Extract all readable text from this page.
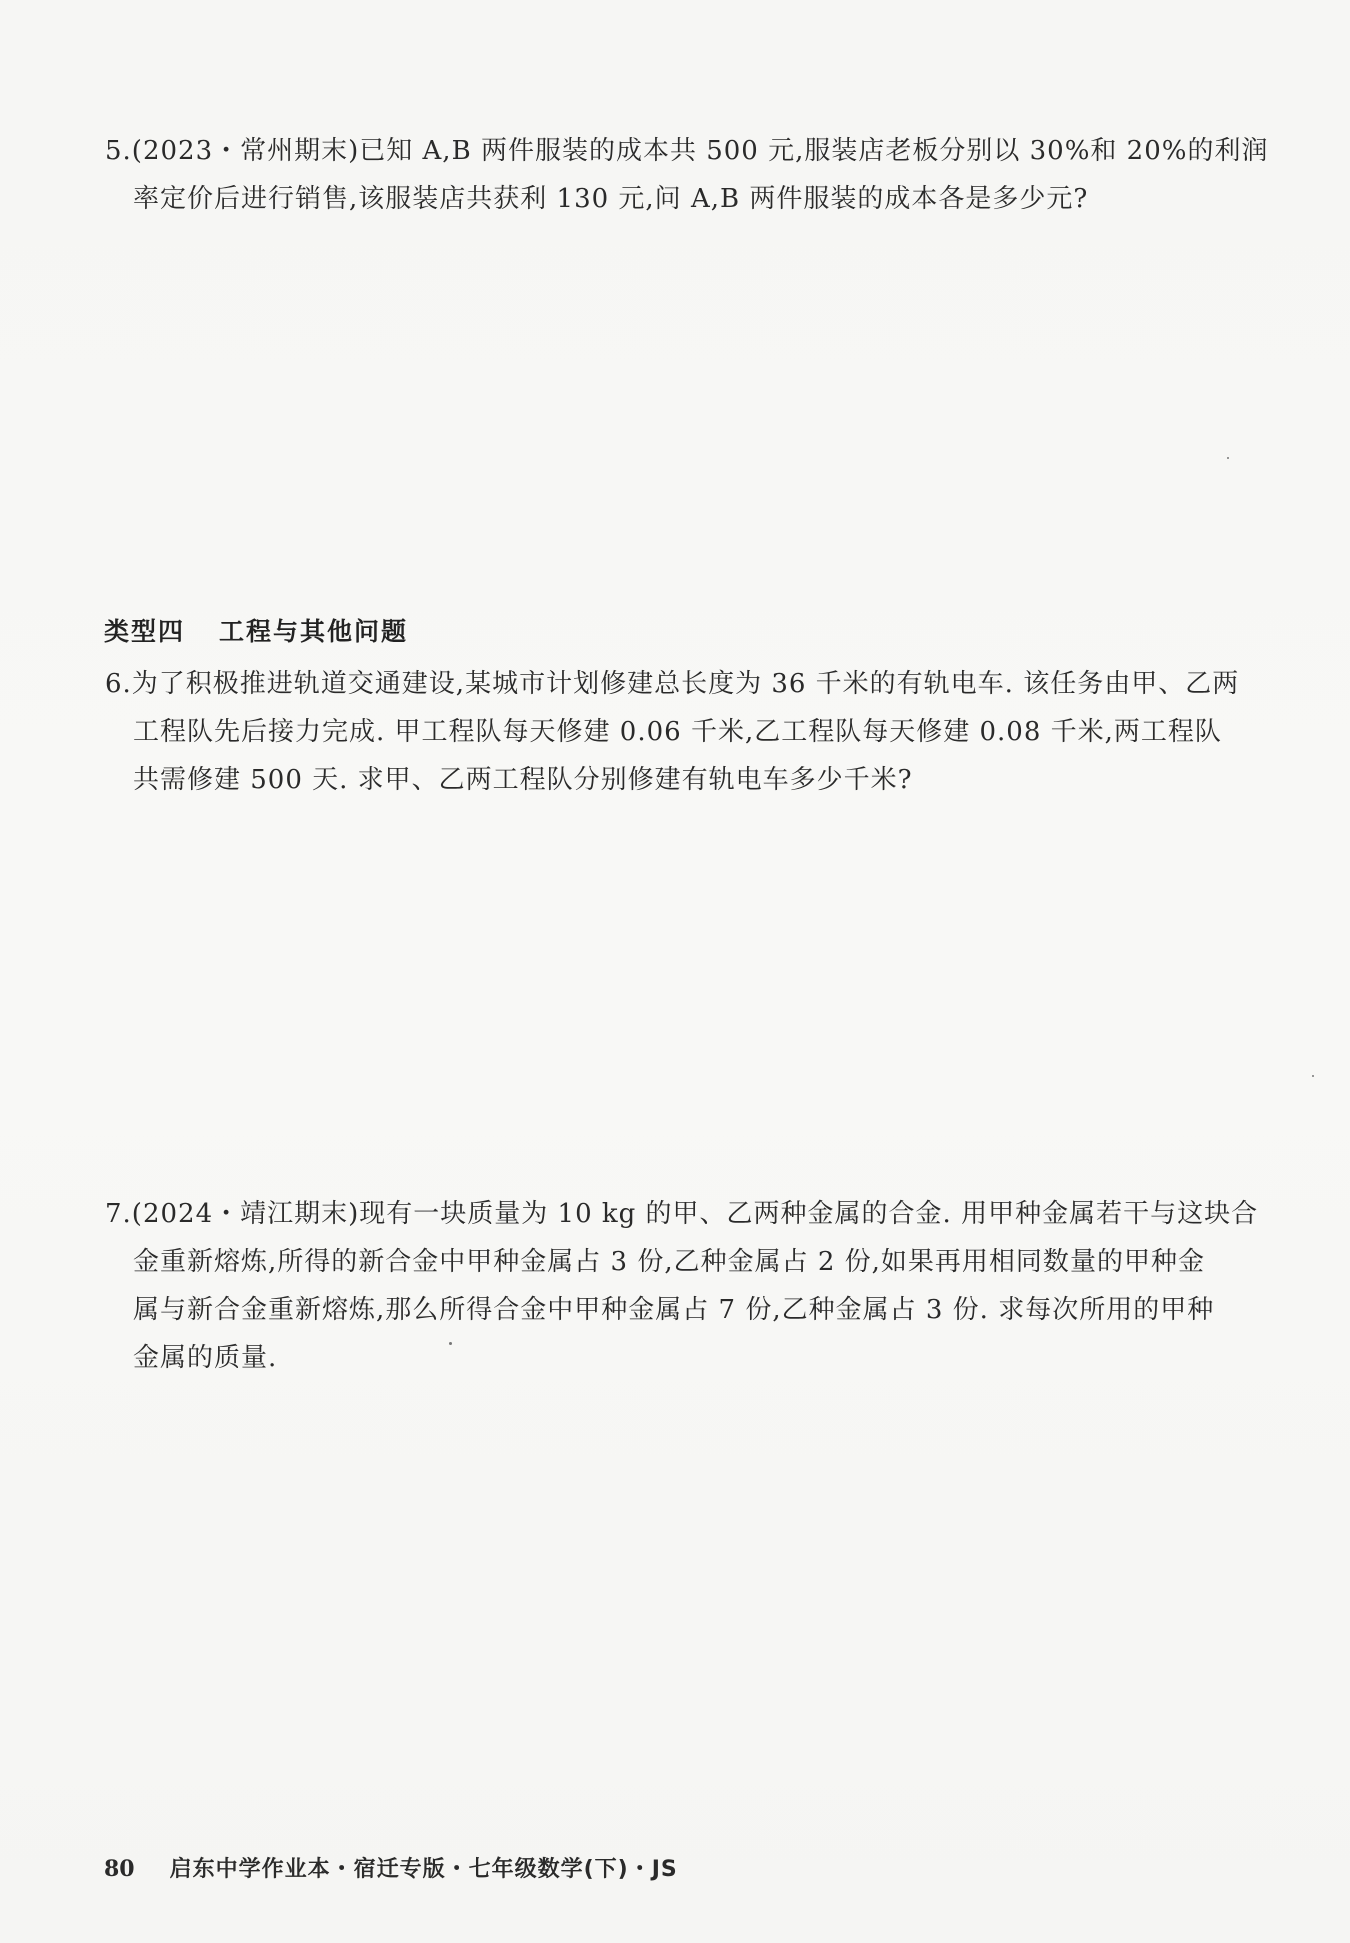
5.(2023・常州期末)已知 A,B 两件服装的成本共 500 元,服装店老板分别以 30%和 20%的利润
率定价后进行销售,该服装店共获利 130 元,问 A,B 两件服装的成本各是多少元?
类型四 工程与其他问题
6.为了积极推进轨道交通建设,某城市计划修建总长度为 36 千米的有轨电车. 该任务由甲、乙两
工程队先后接力完成. 甲工程队每天修建 0.06 千米,乙工程队每天修建 0.08 千米,两工程队
共需修建 500 天. 求甲、乙两工程队分别修建有轨电车多少千米?
7.(2024・靖江期末)现有一块质量为 10 kg 的甲、乙两种金属的合金. 用甲种金属若干与这块合
金重新熔炼,所得的新合金中甲种金属占 3 份,乙种金属占 2 份,如果再用相同数量的甲种金
属与新合金重新熔炼,那么所得合金中甲种金属占 7 份,乙种金属占 3 份. 求每次所用的甲种
金属的质量.
80 启东中学作业本・宿迁专版・七年级数学(下)・JS
